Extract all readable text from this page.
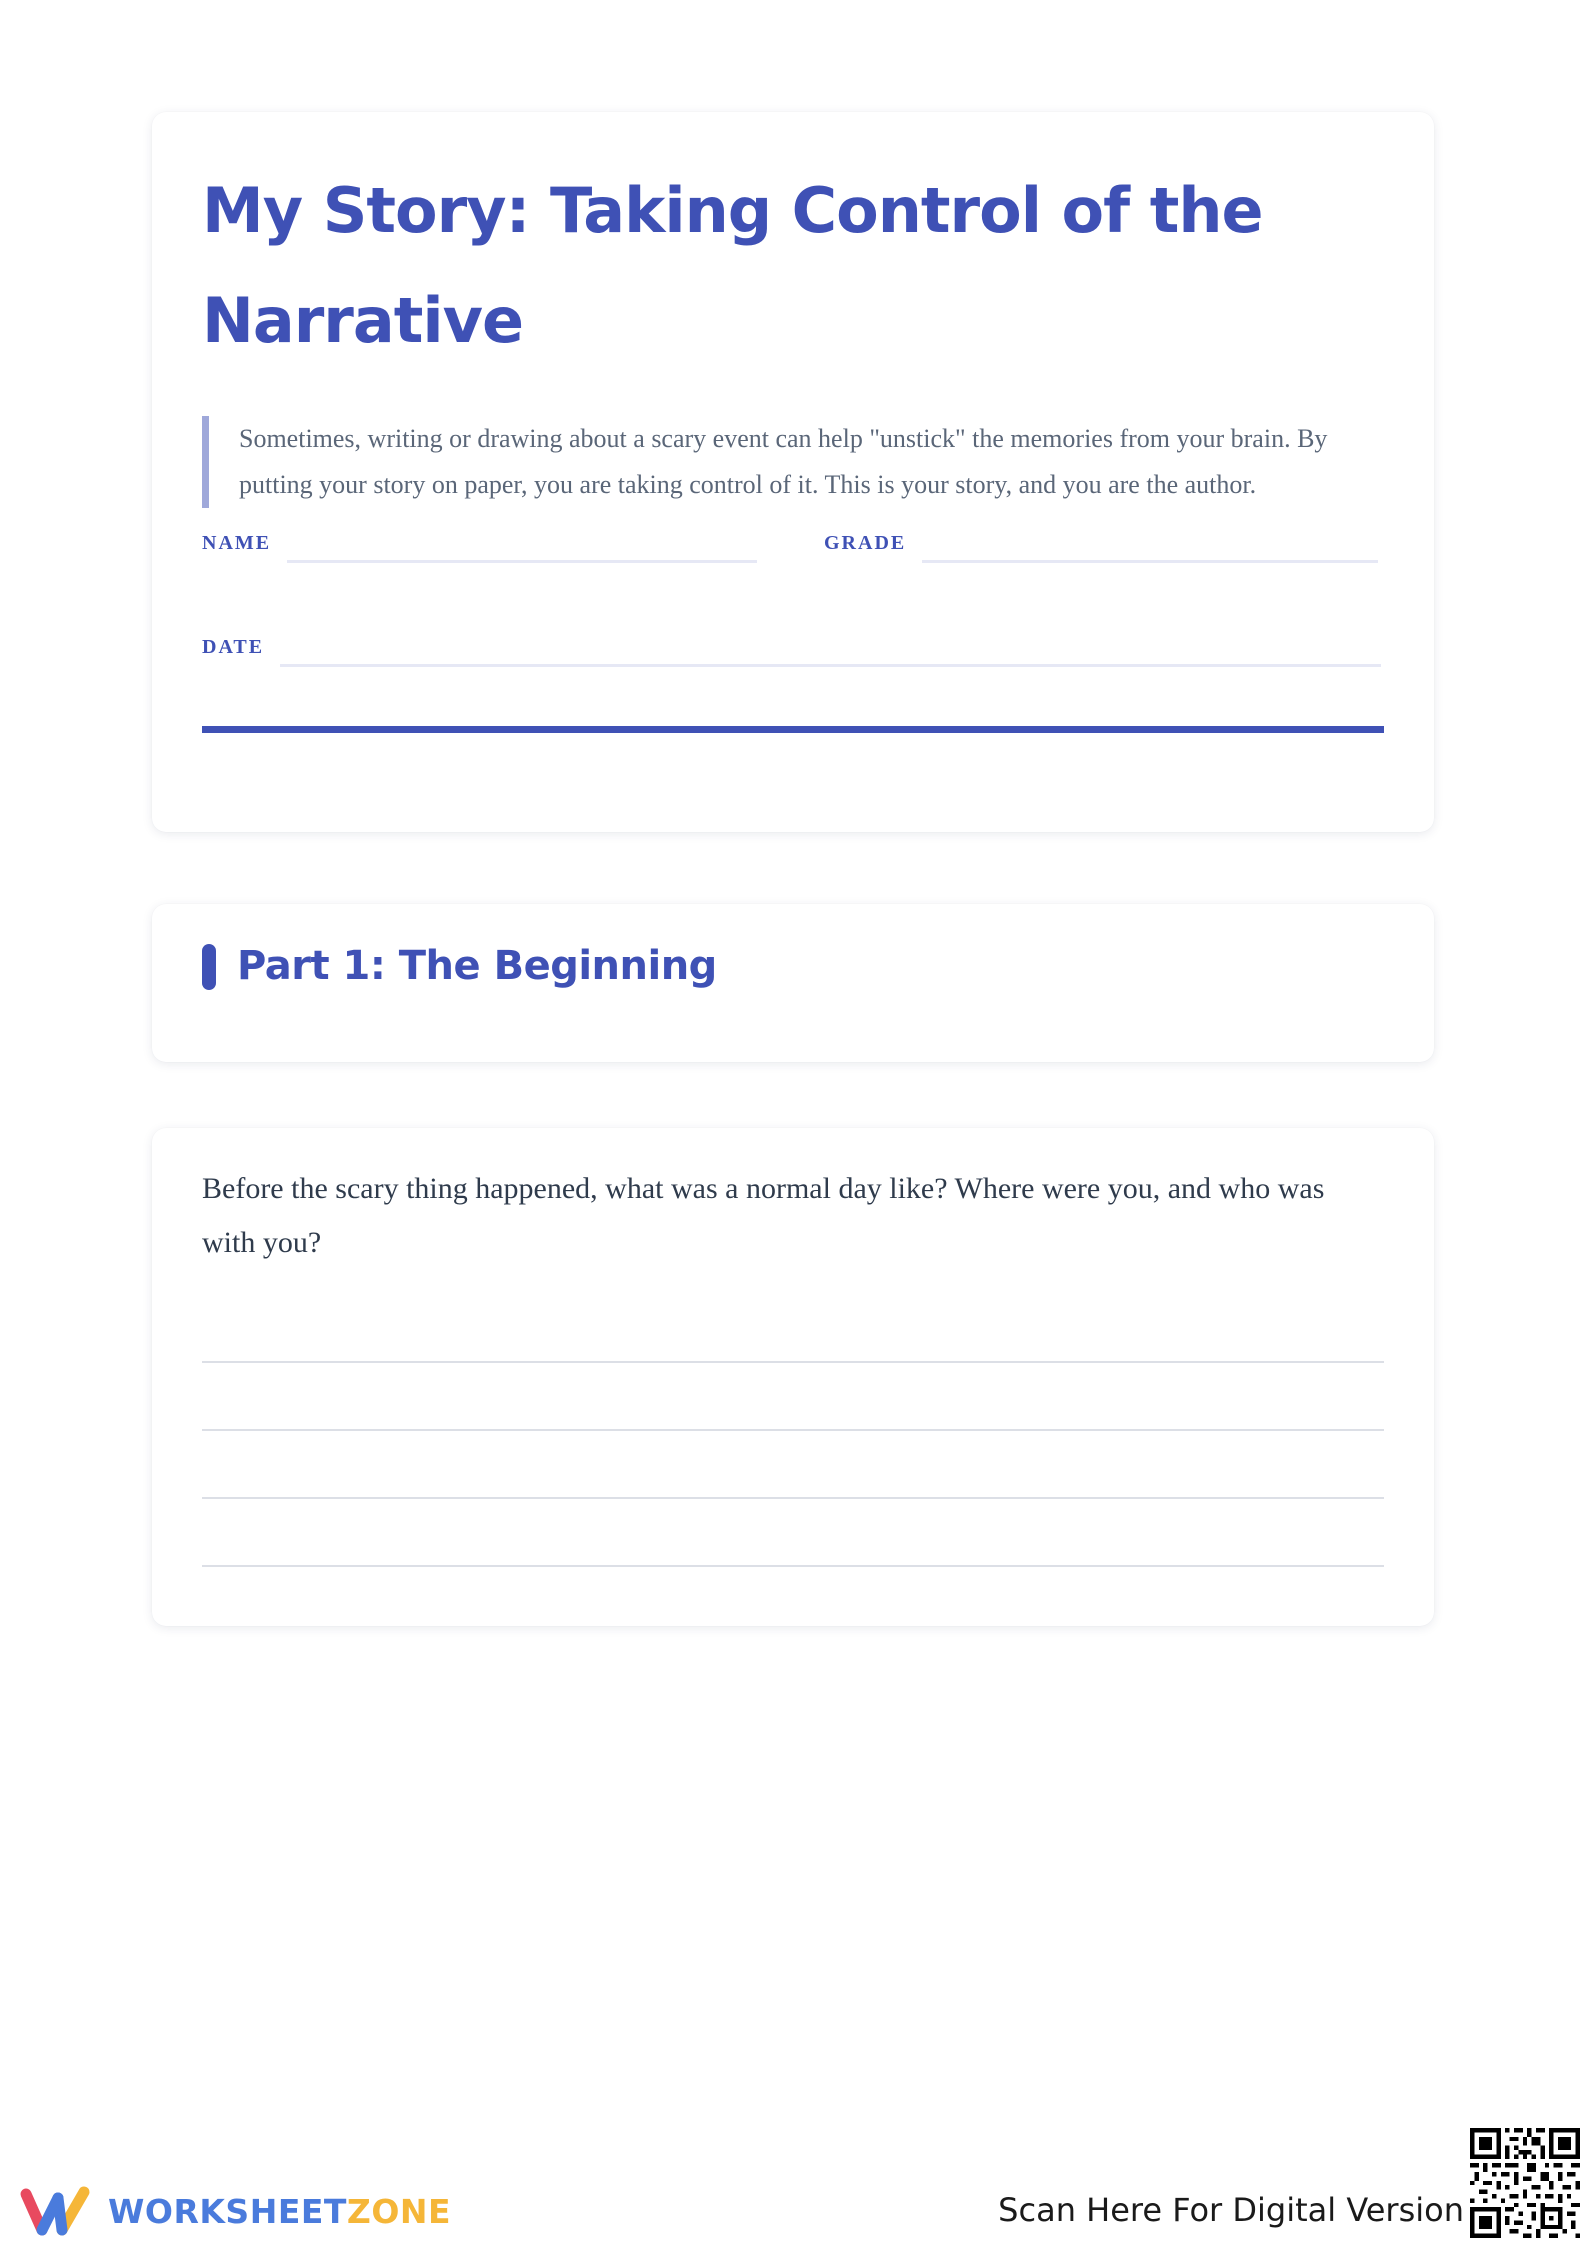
My Story: Taking Control of the Narrative
Sometimes, writing or drawing about a scary event can help "unstick" the memories from your brain. By putting your story on paper, you are taking control of it. This is your story, and you are the author.
NAME	GRADE
DATE
Part 1: The Beginning

Before the scary thing happened, what was a normal day like? Where were you, and who was with you?

WORKSHEETZONE	Scan Here For Digital Version
